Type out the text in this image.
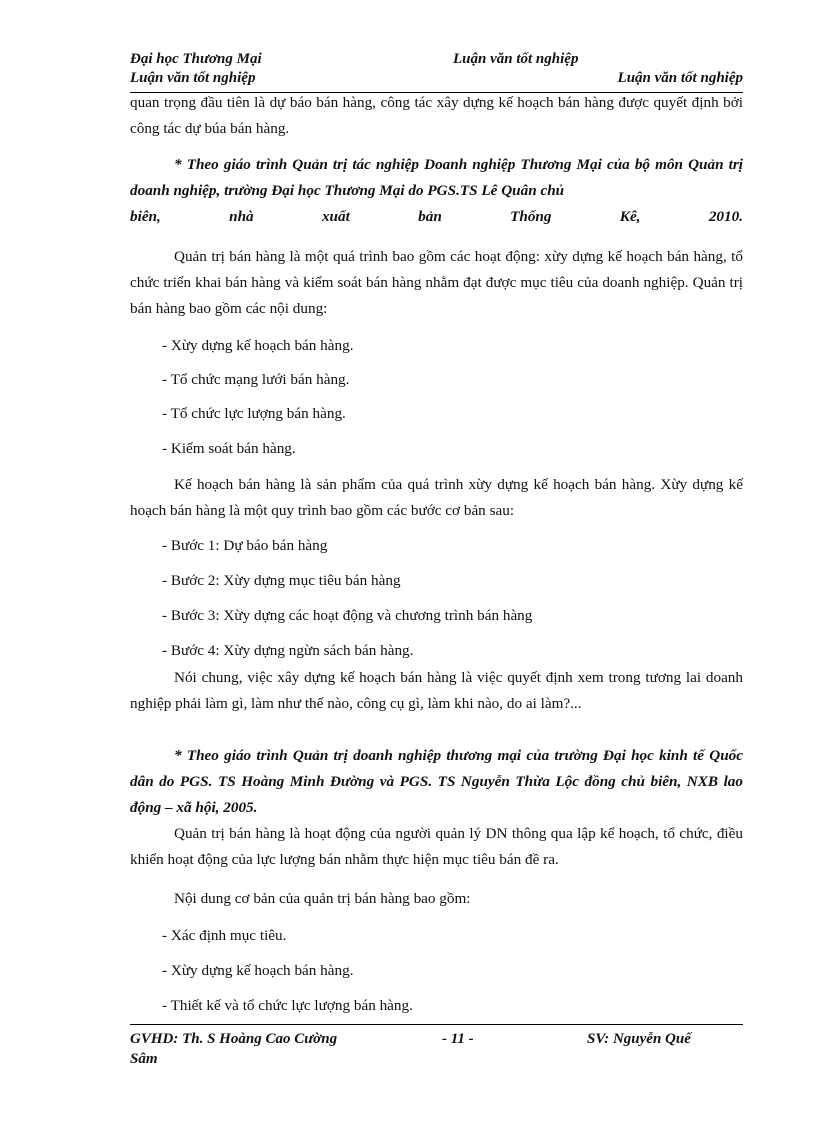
Đại học Thương Mại	Luận văn tốt nghiệp
Luận văn tốt nghiệp	Luận văn tốt nghiệp
quan trọng đầu tiên là dự báo bán hàng, công tác xây dựng kế hoạch bán hàng được quyết định bởi công tác dự búa bán hàng.
* Theo giáo trình Quản trị tác nghiệp Doanh nghiệp Thương Mại của bộ môn Quản trị doanh nghiệp, trường Đại học Thương Mại do PGS.TS Lê Quân chủ
biên, nhà xuất bản Thống Kê, 2010.
Quản trị bán hàng là một quá trình bao gồm các hoạt động: xừy dựng kế hoạch bán hàng, tổ chức triển khai bán hàng và kiểm soát bán hàng nhằm đạt được mục tiêu của doanh nghiệp. Quản trị bán hàng bao gồm các nội dung:
- Xừy dựng kế hoạch bán hàng.
- Tổ chức mạng lưới bán hàng.
- Tổ chức lực lượng bán hàng.
- Kiểm soát bán hàng.
Kế hoạch bán hàng là sản phẩm của quá trình xừy dựng kế hoạch bán hàng. Xừy dựng kế hoạch bán hàng là một quy trình bao gồm các bước cơ bản sau:
- Bước 1: Dự báo bán hàng
- Bước 2: Xừy dựng mục tiêu bán hàng
- Bước 3: Xừy dựng các hoạt động và chương trình bán hàng
- Bước 4: Xừy dựng ngừn sách bán hàng.
Nói chung, việc xây dựng kế hoạch bán hàng là việc quyết định xem trong tương lai doanh nghiệp phải làm gì, làm như thế nào, công cụ gì, làm khi nào, do ai làm?...
* Theo giáo trình Quản trị doanh nghiệp thương mại của trường Đại học kinh tế Quốc dân do PGS. TS Hoàng Minh Đường và PGS. TS Nguyễn Thừa Lộc đồng chủ biên, NXB lao động – xã hội, 2005.
Quản trị bán hàng là hoạt động của người quản lý DN thông qua lập kế hoạch, tổ chức, điều khiển hoạt động của lực lượng bán nhằm thực hiện mục tiêu bán đề ra.
Nội dung cơ bản của quản trị bán hàng bao gồm:
- Xác định mục tiêu.
- Xừy dựng kế hoạch bán hàng.
- Thiết kế và tổ chức lực lượng bán hàng.
GVHD: Th. S Hoàng Cao Cường	- 11 -	SV: Nguyễn Quế
Sâm
